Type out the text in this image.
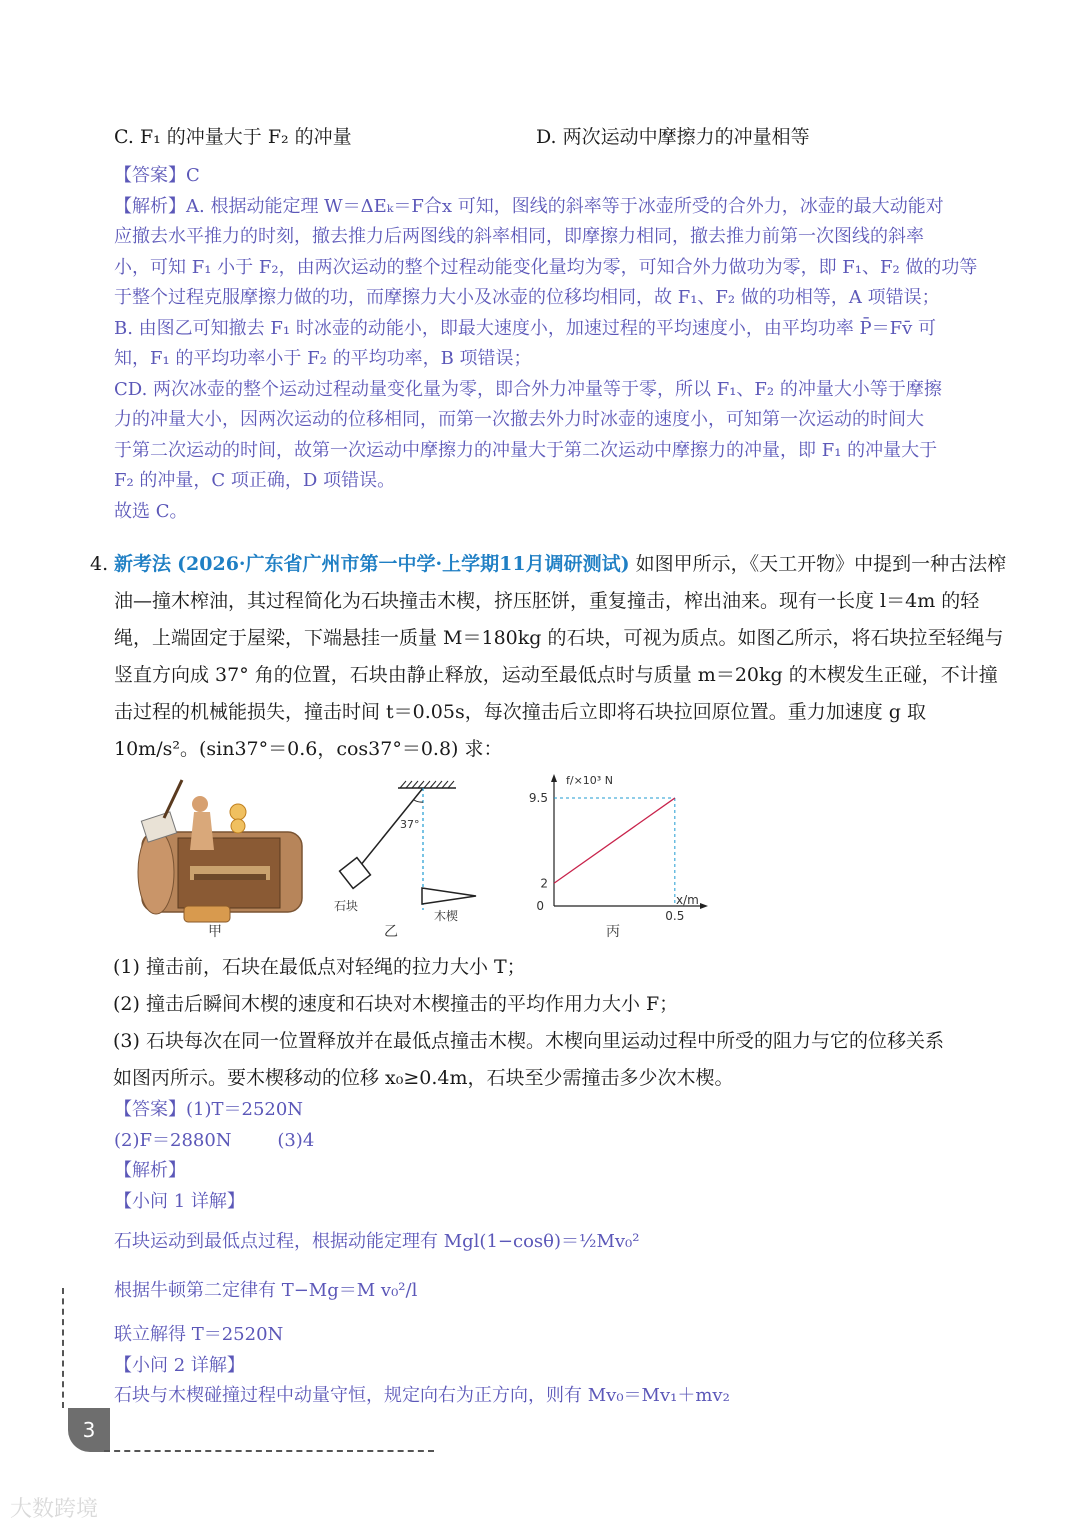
C. F₁ 的冲量大于 F₂ 的冲量	D. 两次运动中摩擦力的冲量相等
【答案】C
【解析】A. 根据动能定理 W＝ΔEₖ＝F合x 可知，图线的斜率等于冰壶所受的合外力，冰壶的最大动能对
应撤去水平推力的时刻，撤去推力后两图线的斜率相同，即摩擦力相同，撤去推力前第一次图线的斜率
小，可知 F₁ 小于 F₂，由两次运动的整个过程动能变化量均为零，可知合外力做功为零，即 F₁、F₂ 做的功等
于整个过程克服摩擦力做的功，而摩擦力大小及冰壶的位移均相同，故 F₁、F₂ 做的功相等，A 项错误；
B. 由图乙可知撤去 F₁ 时冰壶的动能小，即最大速度小，加速过程的平均速度小，由平均功率 P̄＝Fv̄ 可
知，F₁ 的平均功率小于 F₂ 的平均功率，B 项错误；
CD. 两次冰壶的整个运动过程动量变化量为零，即合外力冲量等于零，所以 F₁、F₂ 的冲量大小等于摩擦
力的冲量大小，因两次运动的位移相同，而第一次撤去外力时冰壶的速度小，可知第一次运动的时间大
于第二次运动的时间，故第一次运动中摩擦力的冲量大于第二次运动中摩擦力的冲量，即 F₁ 的冲量大于
F₂ 的冲量，C 项正确，D 项错误。
故选 C。
4. 新考法 (2026·广东省广州市第一中学·上学期11月调研测试) 如图甲所示，《天工开物》中提到一种古法榨
油—撞木榨油，其过程简化为石块撞击木楔，挤压胚饼，重复撞击，榨出油来。现有一长度 l＝4m 的轻
绳，上端固定于屋梁，下端悬挂一质量 M＝180kg 的石块，可视为质点。如图乙所示，将石块拉至轻绳与
竖直方向成 37° 角的位置，石块由静止释放，运动至最低点时与质量 m＝20kg 的木楔发生正碰，不计撞
击过程的机械能损失，撞击时间 t＝0.05s，每次撞击后立即将石块拉回原位置。重力加速度 g 取
10m/s²。(sin37°＝0.6，cos37°＝0.8) 求：
甲
37°
石块
木楔
乙
f/×10³ N
x/m
9.5
2
0
0.5
丙
(1) 撞击前，石块在最低点对轻绳的拉力大小 T；
(2) 撞击后瞬间木楔的速度和石块对木楔撞击的平均作用力大小 F；
(3) 石块每次在同一位置释放并在最低点撞击木楔。木楔向里运动过程中所受的阻力与它的位移关系
如图丙所示。要木楔移动的位移 x₀≥0.4m，石块至少需撞击多少次木楔。
【答案】(1)T＝2520N
(2)F＝2880N        (3)4
【解析】
【小问 1 详解】
石块运动到最低点过程，根据动能定理有 Mgl(1−cosθ)＝½Mv₀²
根据牛顿第二定律有 T−Mg＝M v₀²/l
联立解得 T＝2520N
【小问 2 详解】
石块与木楔碰撞过程中动量守恒，规定向右为正方向，则有 Mv₀＝Mv₁＋mv₂
3
大数跨境
